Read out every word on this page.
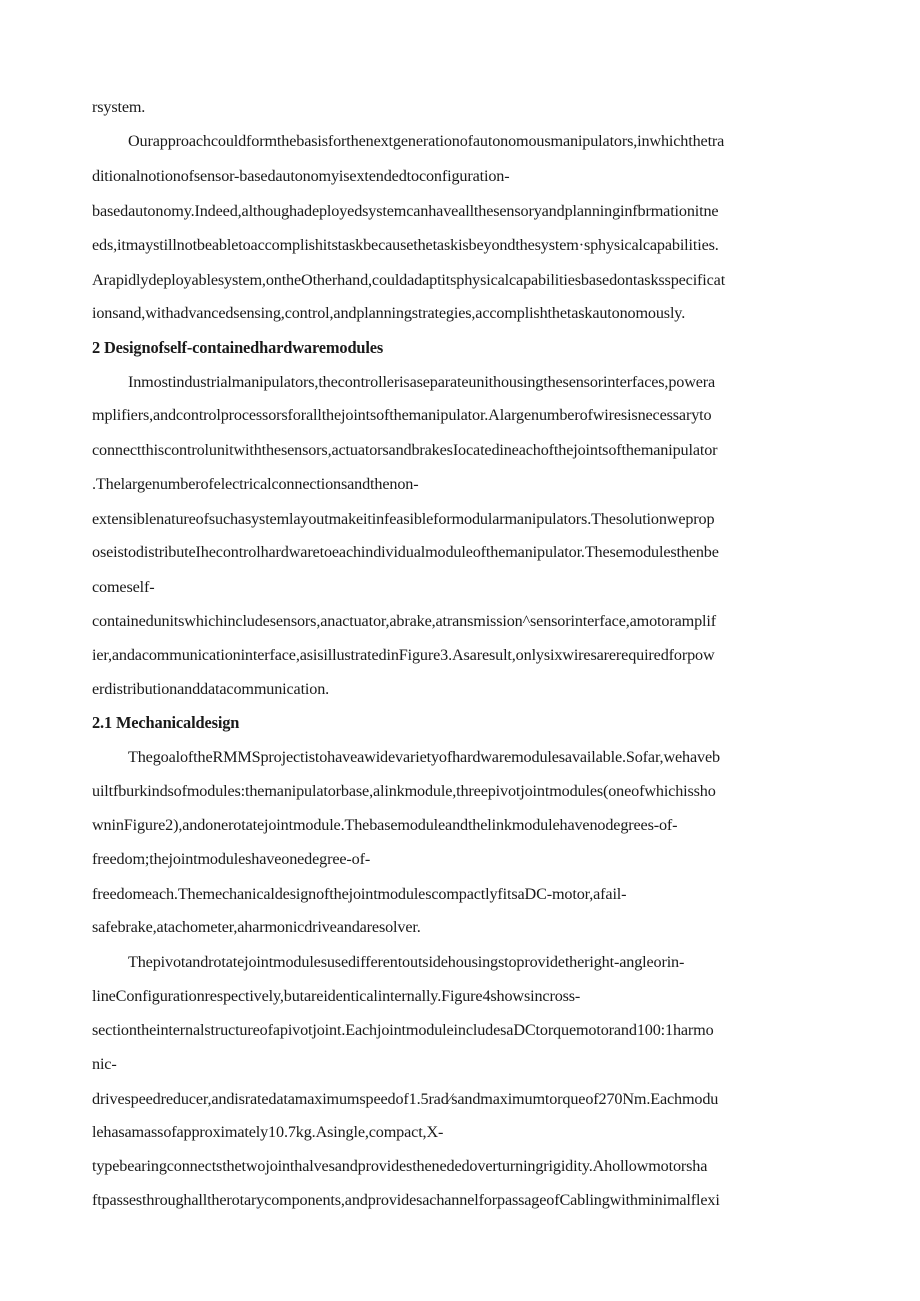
rsystem.
Ourapproachcouldformthebasisforthenextgenerationofautonomousmanipulators,inwhichthetra
ditionalnotionofsensor-basedautonomyisextendedtoconfiguration-
basedautonomy.Indeed,althoughadeployedsystemcanhaveallthesensoryandplanninginfbrmationitne
eds,itmaystillnotbeabletoaccomplishitstaskbecausethetaskisbeyondthesystem·sphysicalcapabilities.
Arapidlydeployablesystem,ontheOtherhand,couldadaptitsphysicalcapabilitiesbasedontasksspecificat
ionsand,withadvancedsensing,control,andplanningstrategies,accomplishthetaskautonomously.
2 Designofself-containedhardwaremodules
Inmostindustrialmanipulators,thecontrollerisaseparateunithousingthesensorinterfaces,powera
mplifiers,andcontrolprocessorsforallthejointsofthemanipulator.Alargenumberofwiresisnecessaryto
connectthiscontrolunitwiththesensors,actuatorsandbrakesIocatedineachofthejointsofthemanipulator
.Thelargenumberofelectricalconnectionsandthenon-
extensiblenatureofsuchasystemlayoutmakeitinfeasibleformodularmanipulators.Thesolutionweprop
oseistodistributeIhecontrolhardwaretoeachindividualmoduleofthemanipulator.Thesemodulesthenbe
comeself-
containedunitswhichincludesensors,anactuator,abrake,atransmission^sensorinterface,amotoramplif
ier,andacommunicationinterface,asisillustratedinFigure3.Asaresult,onlysixwiresarerequiredforpow
erdistributionanddatacommunication.
2.1 Mechanicaldesign
ThegoaloftheRMMSprojectistohaveawidevarietyofhardwaremodulesavailable.Sofar,wehaveb
uiltfburkindsofmodules:themanipulatorbase,alinkmodule,threepivotjointmodules(oneofwhichissho
wninFigure2),andonerotatejointmodule.Thebasemoduleandthelinkmodulehavenodegrees-of-
freedom;thejointmoduleshaveonedegree-of-
freedomeach.ThemechanicaldesignofthejointmodulescompactlyfitsaDC-motor,afail-
safebrake,atachometer,aharmonicdriveandaresolver.
Thepivotandrotatejointmodulesusedifferentoutsidehousingstoprovidetheright-angleorin-
lineConfigurationrespectively,butareidenticalinternally.Figure4showsincross-
sectiontheinternalstructureofapivotjoint.EachjointmoduleincludesaDCtorquemotorand100:1harmo
nic-
drivespeedreducer,andisratedatamaximumspeedof1.5rad⁄sandmaximumtorqueof270Nm.Eachmodu
lehasamassofapproximately10.7kg.Asingle,compact,X-
typebearingconnectsthetwojointhalvesandprovidesthenededoverturningrigidity.Ahollowmotorsha
ftpassesthroughalltherotarycomponents,andprovidesachannelforpassageofCablingwithminimalflexi
